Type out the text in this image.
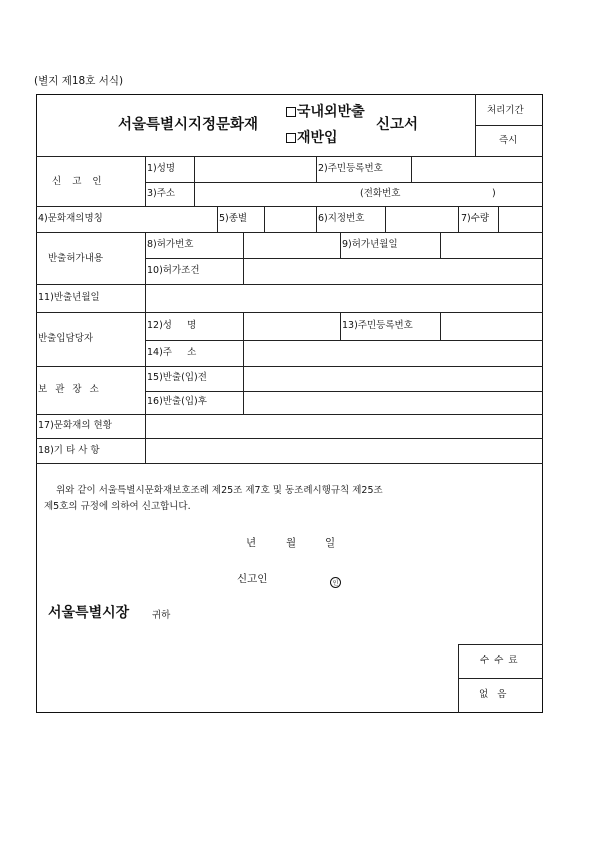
(별지 제18호 서식)
서울특별시지정문화재
국내외반출
재반입
신고서
처리기간
즉시
신 고 인
1)성명	2)주민등록번호
3)주소	(전화번호	)
4)문화재의명칭	5)종별	6)지정번호	7)수량
반출허가내용
8)허가번호	9)허가년월일
10)허가조건
11)반출년월일
반출입담당자
12)성     명	13)주민등록번호
14)주     소
보 관 장 소
15)반출(입)전
16)반출(입)후
17)문화재의 현황
18)기 타 사 항
위와 같이 서울특별시문화재보호조례 제25조 제7호 및 동조례시행규칙 제25조
제5호의 규정에 의하여 신고합니다.
년	월	일
신고인	인
서울특별시장 귀하
수 수 료
없   음
